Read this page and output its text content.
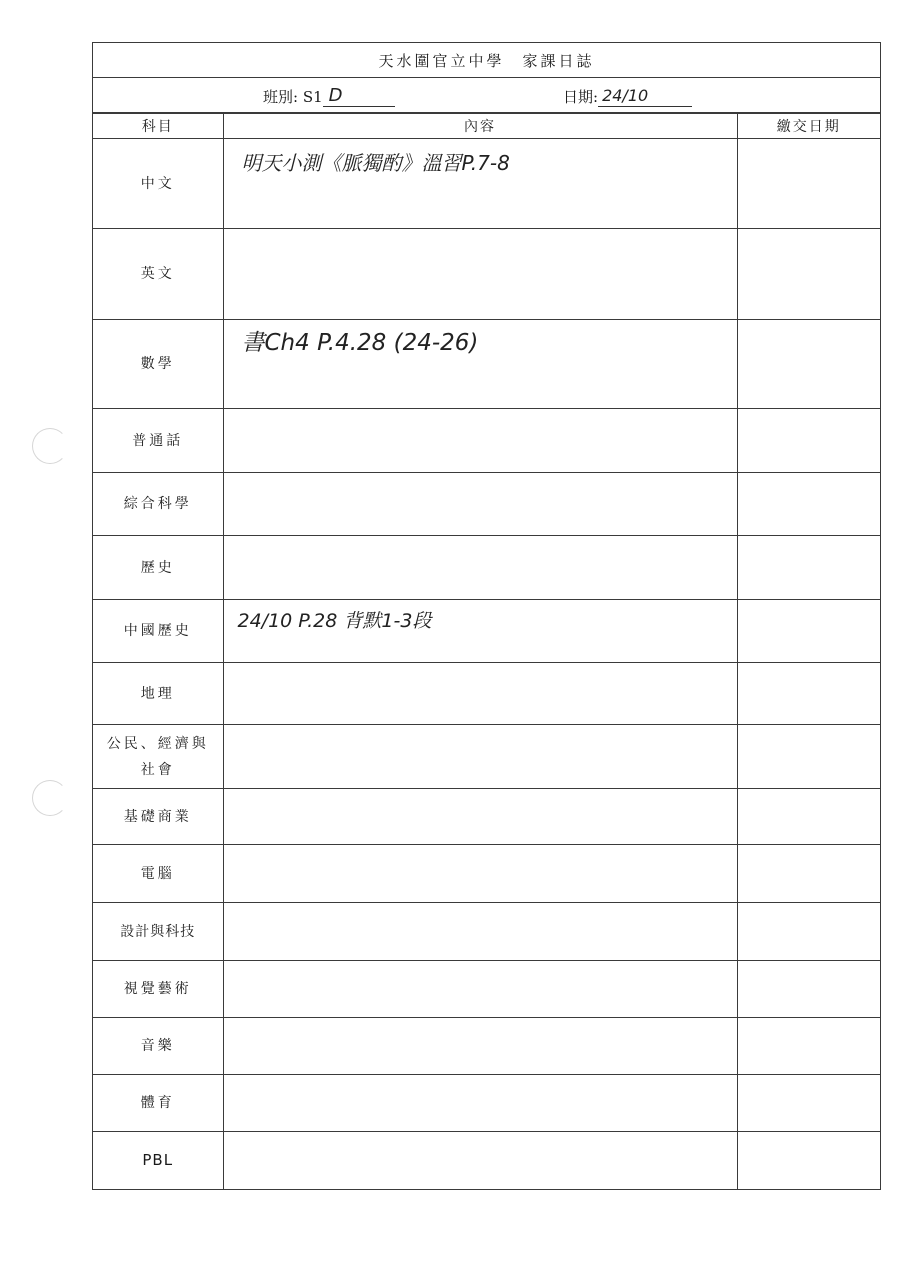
天水圍官立中學　家課日誌
班別: S1 D	日期: 24/10
科目	內容	繳交日期
中文	明天小測《脈獨酌》溫習P.7-8	

英文	

數學	書Ch4 P.4.28 (24-26)	

普通話	

綜合科學	

歷史	

中國歷史	24/10 P.28 背默1-3段	

地理	

公民、經濟與社會	

基礎商業	

電腦	

設計與科技	

視覺藝術	

音樂	

體育	

PBL	
